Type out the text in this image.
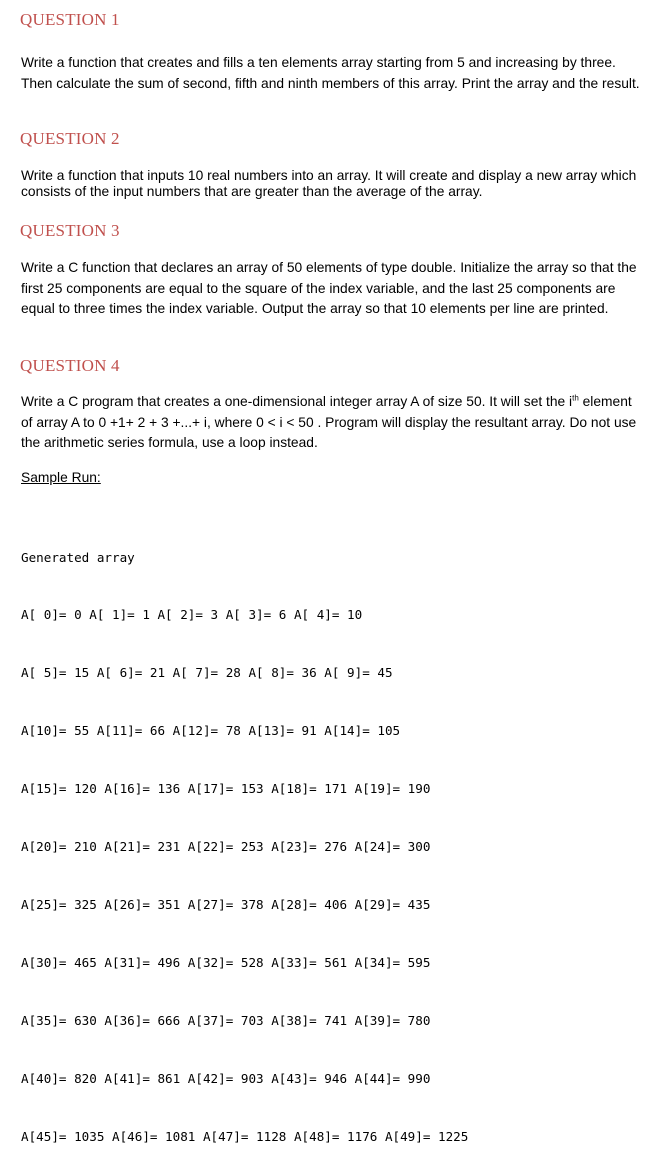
QUESTION 1

Write a function that creates and fills a ten elements array starting from 5 and increasing by three. Then calculate the sum of second, fifth and ninth members of this array. Print the array and the result.

QUESTION 2

Write a function that inputs 10 real numbers into an array. It will create and display a new array which consists of the input numbers that are greater than the average of the array.

QUESTION 3

Write a C function that declares an array of 50 elements of type double. Initialize the array so that the first 25 components are equal to the square of the index variable, and the last 25 components are equal to three times the index variable. Output the array so that 10 elements per line are printed.

QUESTION 4

Write a C program that creates a one-dimensional integer array A of size 50. It will set the $i^{th}$ element of array A to 0 +1+ 2 + 3 +...+ i, where 0 < i < 50 . Program will display the resultant array. Do not use the arithmetic series formula, use a loop instead.

Sample Run:

Generated array

A[ 0]= 0 A[ 1]= 1 A[ 2]= 3 A[ 3]= 6 A[ 4]= 10

A[ 5]= 15 A[ 6]= 21 A[ 7]= 28 A[ 8]= 36 A[ 9]= 45

A[10]= 55 A[11]= 66 A[12]= 78 A[13]= 91 A[14]= 105

A[15]= 120 A[16]= 136 A[17]= 153 A[18]= 171 A[19]= 190

A[20]= 210 A[21]= 231 A[22]= 253 A[23]= 276 A[24]= 300

A[25]= 325 A[26]= 351 A[27]= 378 A[28]= 406 A[29]= 435

A[30]= 465 A[31]= 496 A[32]= 528 A[33]= 561 A[34]= 595

A[35]= 630 A[36]= 666 A[37]= 703 A[38]= 741 A[39]= 780

A[40]= 820 A[41]= 861 A[42]= 903 A[43]= 946 A[44]= 990

A[45]= 1035 A[46]= 1081 A[47]= 1128 A[48]= 1176 A[49]= 1225
